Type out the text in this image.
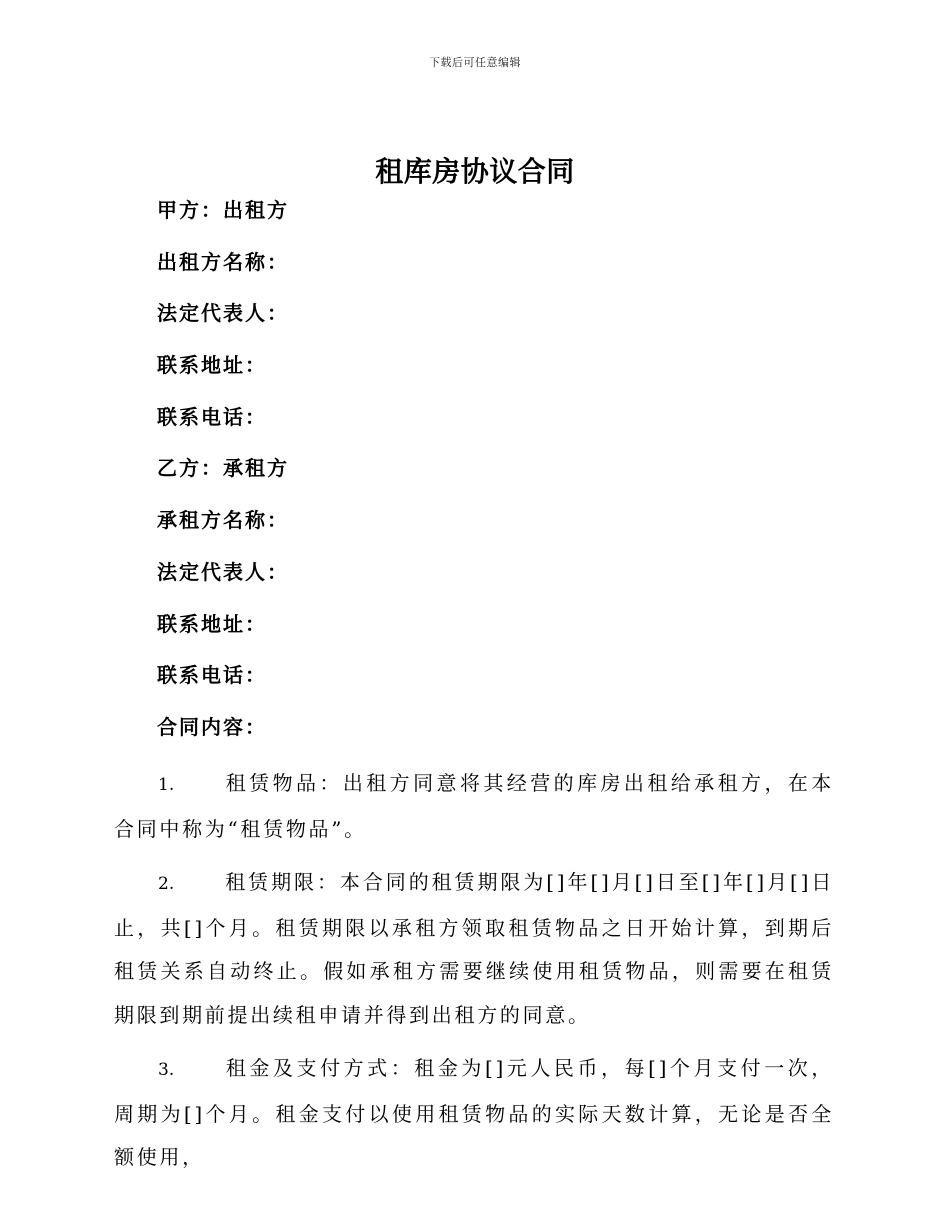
下载后可任意编辑
租库房协议合同
甲方：出租方
出租方名称：
法定代表人：
联系地址：
联系电话：
乙方：承租方
承租方名称：
法定代表人：
联系地址：
联系电话：
合同内容：

1.	租赁物品：出租方同意将其经营的库房出租给承租方，在本合同中称为“租赁物品”。

2.	租赁期限：本合同的租赁期限为[]年[]月[]日至[]年[]月[]日止，共[]个月。租赁期限以承租方领取租赁物品之日开始计算，到期后租赁关系自动终止。假如承租方需要继续使用租赁物品，则需要在租赁期限到期前提出续租申请并得到出租方的同意。

3.	租金及支付方式：租金为[]元人民币，每[]个月支付一次，周期为[]个月。租金支付以使用租赁物品的实际天数计算，无论是否全额使用，
